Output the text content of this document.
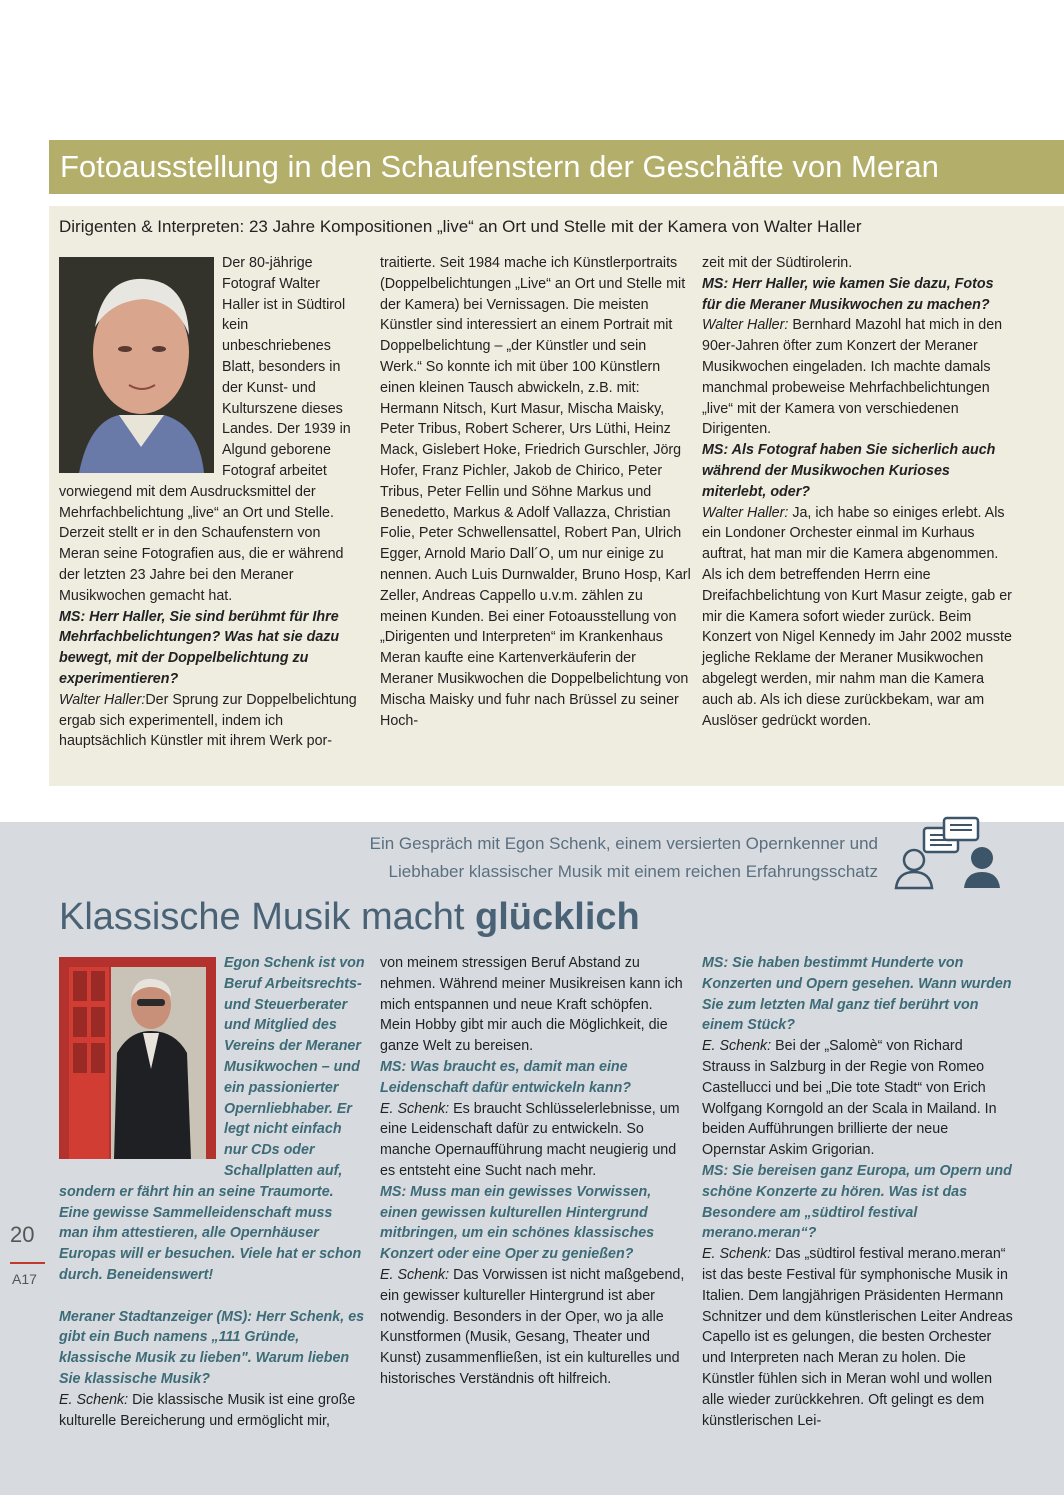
Fotoausstellung in den Schaufenstern der Geschäfte von Meran
Dirigenten & Interpreten: 23 Jahre Kompositionen „live“ an Ort und Stelle mit der Kamera von Walter Haller

Der 80-jährige Fotograf Walter Haller ist in Südtirol kein unbeschriebenes Blatt, besonders in der Kunst- und Kulturszene dieses Landes. Der 1939 in Algund geborene Fotograf arbeitet vorwiegend mit dem Ausdrucksmittel der Mehrfachbelichtung „live“ an Ort und Stelle. Derzeit stellt er in den Schaufenstern von Meran seine Fotografien aus, die er während der letzten 23 Jahre bei den Meraner Musikwochen gemacht hat.

MS: Herr Haller, Sie sind berühmt für Ihre Mehrfachbelichtungen? Was hat sie dazu bewegt, mit der Doppelbelichtung zu experimentieren?

Walter Haller:Der Sprung zur Doppelbelichtung ergab sich experimentell, indem ich hauptsächlich Künstler mit ihrem Werk por-

traitierte. Seit 1984 mache ich Künstlerportraits (Doppelbelichtungen „Live“ an Ort und Stelle mit der Kamera) bei Vernissagen. Die meisten Künstler sind interessiert an einem Portrait mit Doppelbelichtung – „der Künstler und sein Werk.“ So konnte ich mit über 100 Künstlern einen kleinen Tausch abwickeln, z.B. mit: Hermann Nitsch, Kurt Masur, Mischa Maisky, Peter Tribus, Robert Scherer, Urs Lüthi, Heinz Mack, Gislebert Hoke, Friedrich Gurschler, Jörg Hofer, Franz Pichler, Jakob de Chirico, Peter Tribus, Peter Fellin und Söhne Markus und Benedetto, Markus & Adolf Vallazza, Christian Folie, Peter Schwellensattel, Robert Pan, Ulrich Egger, Arnold Mario Dall´O, um nur einige zu nennen. Auch Luis Durnwalder, Bruno Hosp, Karl Zeller, Andreas Cappello u.v.m. zählen zu meinen Kunden. Bei einer Fotoausstellung von „Dirigenten und Interpreten“ im Krankenhaus Meran kaufte eine Kartenverkäuferin der Meraner Musikwochen die Doppelbelichtung von Mischa Maisky und fuhr nach Brüssel zu seiner Hoch-

zeit mit der Südtirolerin.

MS: Herr Haller, wie kamen Sie dazu, Fotos für die Meraner Musikwochen zu machen?

Walter Haller: Bernhard Mazohl hat mich in den 90er-Jahren öfter zum Konzert der Meraner Musikwochen eingeladen. Ich machte damals manchmal probeweise Mehrfachbelichtungen „live“ mit der Kamera von verschiedenen Dirigenten.

MS: Als Fotograf haben Sie sicherlich auch während der Musikwochen Kurioses miterlebt, oder?

Walter Haller: Ja, ich habe so einiges erlebt. Als ein Londoner Orchester einmal im Kurhaus auftrat, hat man mir die Kamera abgenommen. Als ich dem betreffenden Herrn eine Dreifachbelichtung von Kurt Masur zeigte, gab er mir die Kamera sofort wieder zurück. Beim Konzert von Nigel Kennedy im Jahr 2002 musste jegliche Reklame der Meraner Musikwochen abgelegt werden, mir nahm man die Kamera auch ab. Als ich diese zurückbekam, war am Auslöser gedrückt worden.

Ein Gespräch mit Egon Schenk, einem versierten Opernkenner und
Liebhaber klassischer Musik mit einem reichen Erfahrungsschatz
Klassische Musik macht glücklich

Egon Schenk ist von Beruf Arbeitsrechts- und Steuerberater und Mitglied des Vereins der Meraner Musikwochen – und ein passionierter Opernliebhaber. Er legt nicht einfach nur CDs oder Schallplatten auf, sondern er fährt hin an seine Traumorte. Eine gewisse Sammelleidenschaft muss man ihm attestieren, alle Opernhäuser Europas will er besuchen. Viele hat er schon durch. Beneidenswert!

Meraner Stadtanzeiger (MS): Herr Schenk, es gibt ein Buch namens „111 Gründe, klassische Musik zu lieben". Warum lieben Sie klassische Musik?

E. Schenk: Die klassische Musik ist eine große kulturelle Bereicherung und ermöglicht mir,

von meinem stressigen Beruf Abstand zu nehmen. Während meiner Musikreisen kann ich mich entspannen und neue Kraft schöpfen. Mein Hobby gibt mir auch die Möglichkeit, die ganze Welt zu bereisen.

MS: Was braucht es, damit man eine Leidenschaft dafür entwickeln kann?

E. Schenk: Es braucht Schlüsselerlebnisse, um eine Leidenschaft dafür zu entwickeln. So manche Opernaufführung macht neugierig und es entsteht eine Sucht nach mehr.

MS: Muss man ein gewisses Vorwissen, einen gewissen kulturellen Hintergrund mitbringen, um ein schönes klassisches Konzert oder eine Oper zu genießen?

E. Schenk: Das Vorwissen ist nicht maßgebend, ein gewisser kultureller Hintergrund ist aber notwendig. Besonders in der Oper, wo ja alle Kunstformen (Musik, Gesang, Theater und Kunst) zusammenfließen, ist ein kulturelles und historisches Verständnis oft hilfreich.

MS: Sie haben bestimmt Hunderte von Konzerten und Opern gesehen. Wann wurden Sie zum letzten Mal ganz tief berührt von einem Stück?

E. Schenk: Bei der „Salomè“ von Richard Strauss in Salzburg in der Regie von Romeo Castellucci und bei „Die tote Stadt“ von Erich Wolfgang Korngold an der Scala in Mailand. In beiden Aufführungen brillierte der neue Opernstar Askim Grigorian.

MS: Sie bereisen ganz Europa, um Opern und schöne Konzerte zu hören. Was ist das Besondere am „südtirol festival merano.meran“?

E. Schenk: Das „südtirol festival merano.meran“ ist das beste Festival für symphonische Musik in Italien. Dem langjährigen Präsidenten Hermann Schnitzer und dem künstlerischen Leiter Andreas Capello ist es gelungen, die besten Orchester und Interpreten nach Meran zu holen. Die Künstler fühlen sich in Meran wohl und wollen alle wieder zurückkehren. Oft gelingt es dem künstlerischen Lei-

20
A17
